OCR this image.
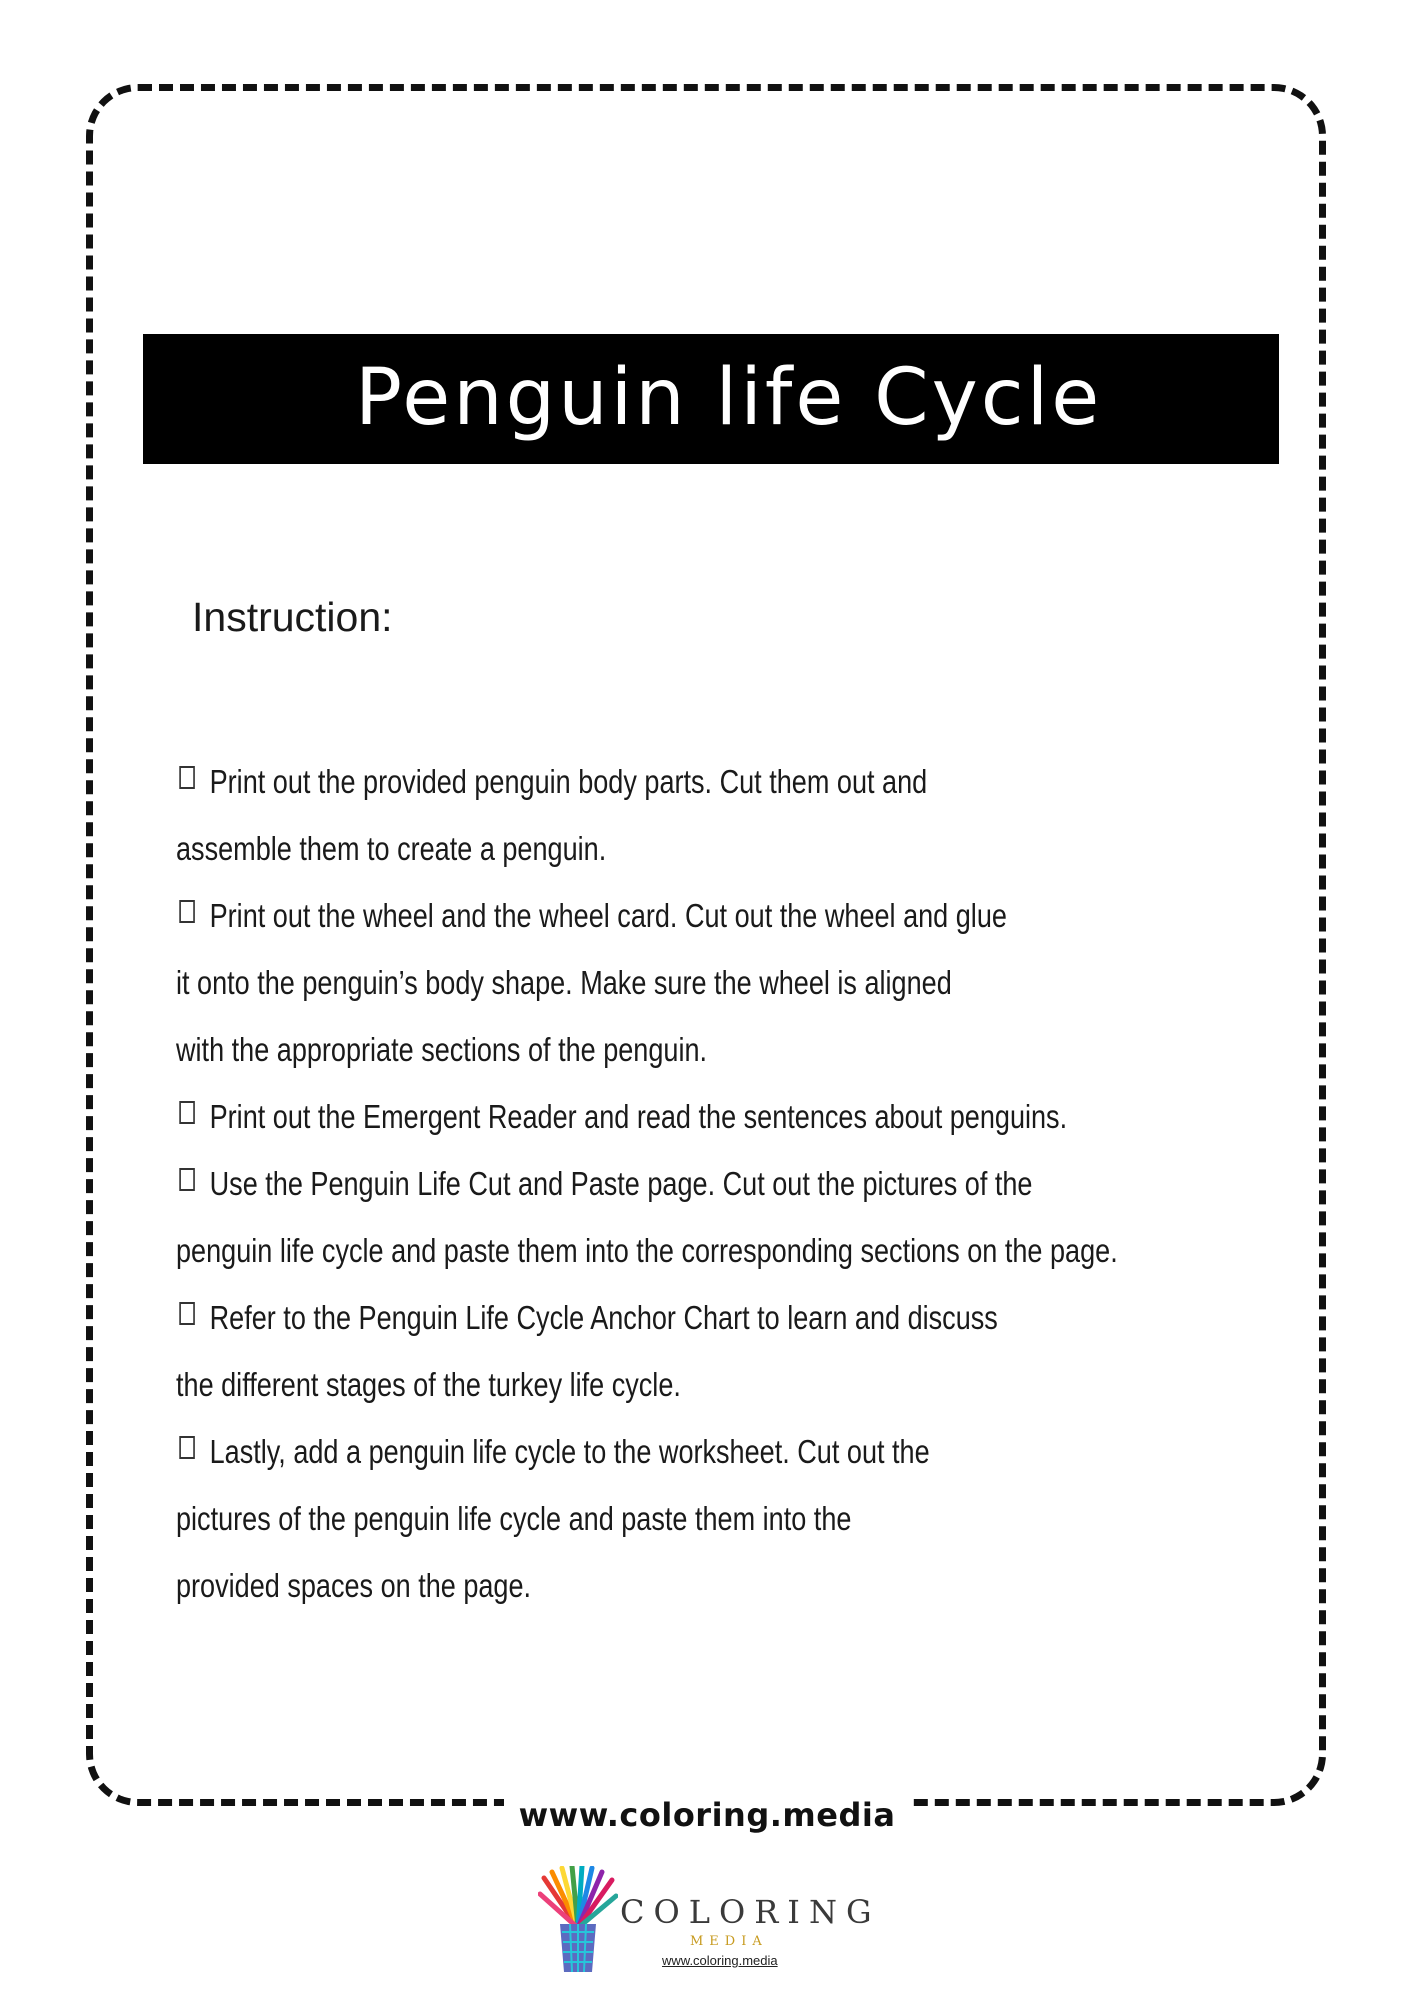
Penguin life Cycle
Instruction:
Print out the provided penguin body parts. Cut them out and
assemble them to create a penguin.
Print out the wheel and the wheel card. Cut out the wheel and glue
it onto the penguin’s body shape. Make sure the wheel is aligned
with the appropriate sections of the penguin.
Print out the Emergent Reader and read the sentences about penguins.
Use the Penguin Life Cut and Paste page. Cut out the pictures of the
penguin life cycle and paste them into the corresponding sections on the page.
Refer to the Penguin Life Cycle Anchor Chart to learn and discuss
the different stages of the turkey life cycle.
Lastly, add a penguin life cycle to the worksheet. Cut out the
pictures of the penguin life cycle and paste them into the
provided spaces on the page.
www.coloring.media
COLORING
MEDIA
www.coloring.media
